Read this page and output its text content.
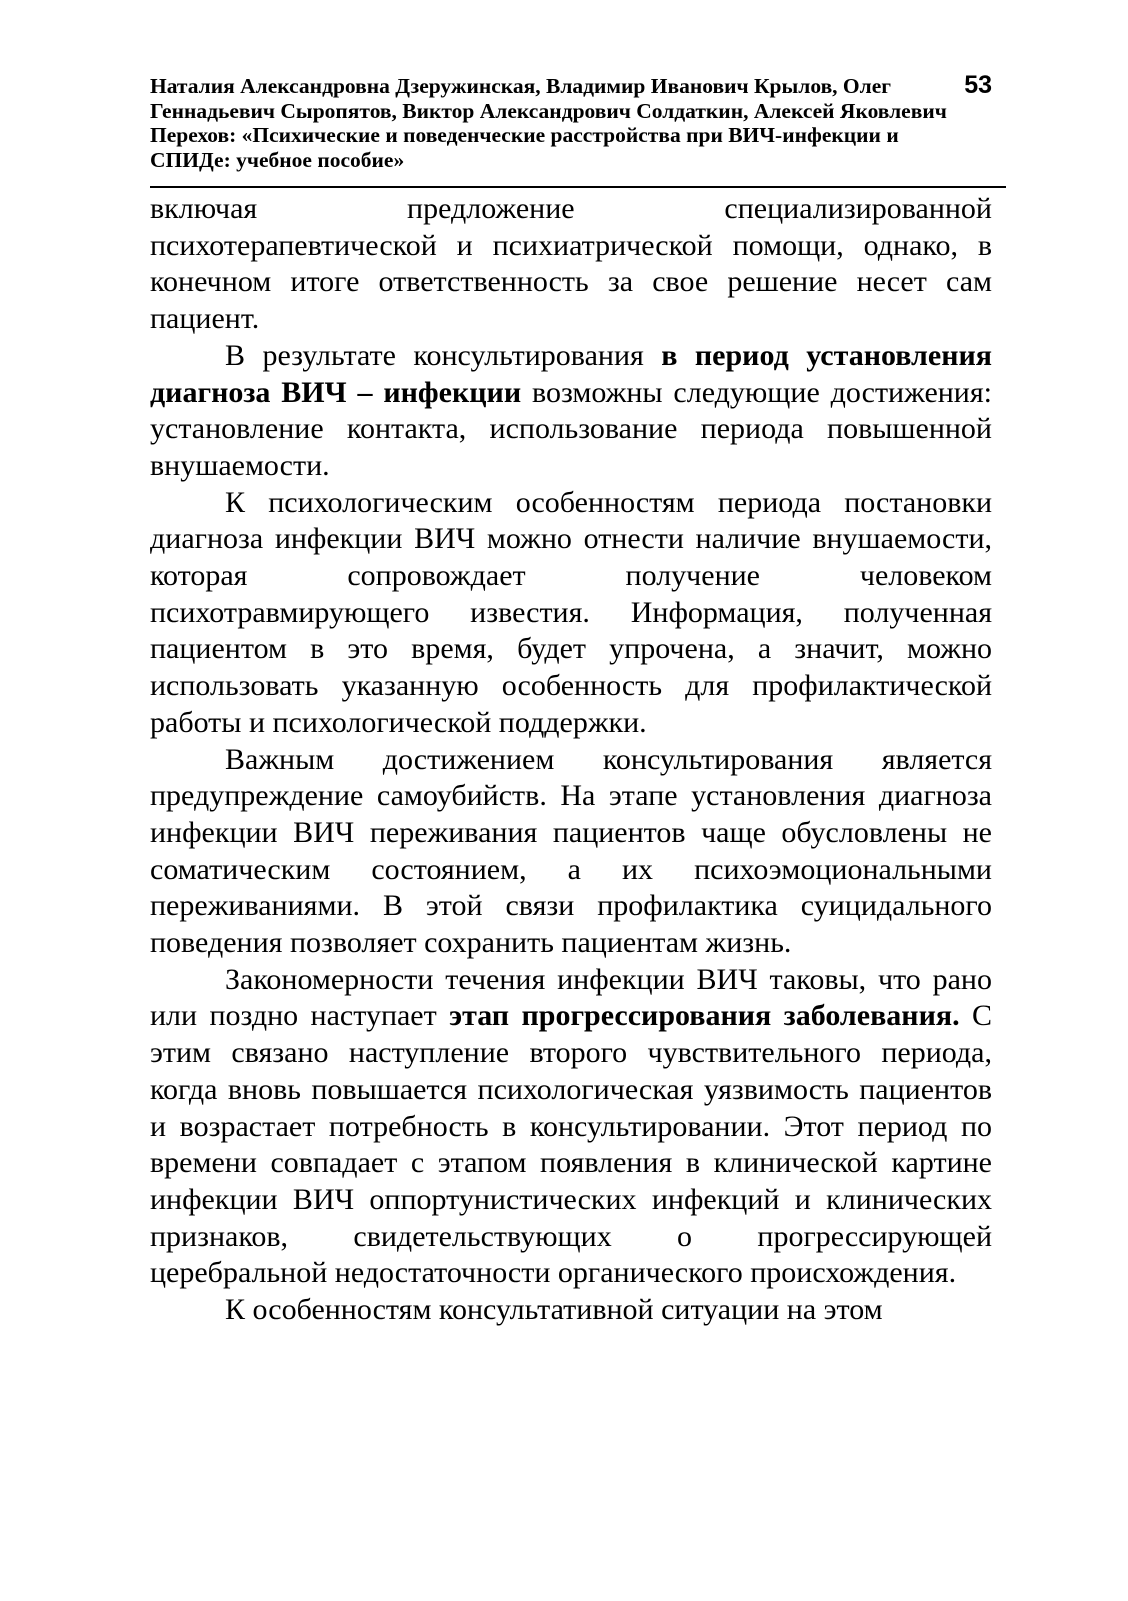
Наталия Александровна Дзеружинская, Владимир Иванович Крылов, Олег Геннадьевич Сыропятов, Виктор Александрович Солдаткин, Алексей Яковлевич Перехов: «Психические и поведенческие расстройства при ВИЧ-инфекции и СПИДе: учебное пособие»

53

включая предложение специализированной психотерапевтической и психиатрической помощи, однако, в конечном итоге ответственность за свое решение несет сам пациент.

В результате консультирования в период установления диагноза ВИЧ – инфекции возможны следующие достижения: установление контакта, использование периода повышенной внушаемости.

К психологическим особенностям периода постановки диагноза инфекции ВИЧ можно отнести наличие внушаемости, которая сопровождает получение человеком психотравмирующего известия. Информация, полученная пациентом в это время, будет упрочена, а значит, можно использовать указанную особенность для профилактической работы и психологической поддержки.

Важным достижением консультирования является предупреждение самоубийств. На этапе установления диагноза инфекции ВИЧ переживания пациентов чаще обусловлены не соматическим состоянием, а их психоэмоциональными переживаниями. В этой связи профилактика суицидального поведения позволяет сохранить пациентам жизнь.

Закономерности течения инфекции ВИЧ таковы, что рано или поздно наступает этап прогрессирования заболевания. С этим связано наступление второго чувствительного периода, когда вновь повышается психологическая уязвимость пациентов и возрастает потребность в консультировании. Этот период по времени совпадает с этапом появления в клинической картине инфекции ВИЧ оппортунистических инфекций и клинических признаков, свидетельствующих о прогрессирующей церебральной недостаточности органического происхождения.

К особенностям консультативной ситуации на этом
